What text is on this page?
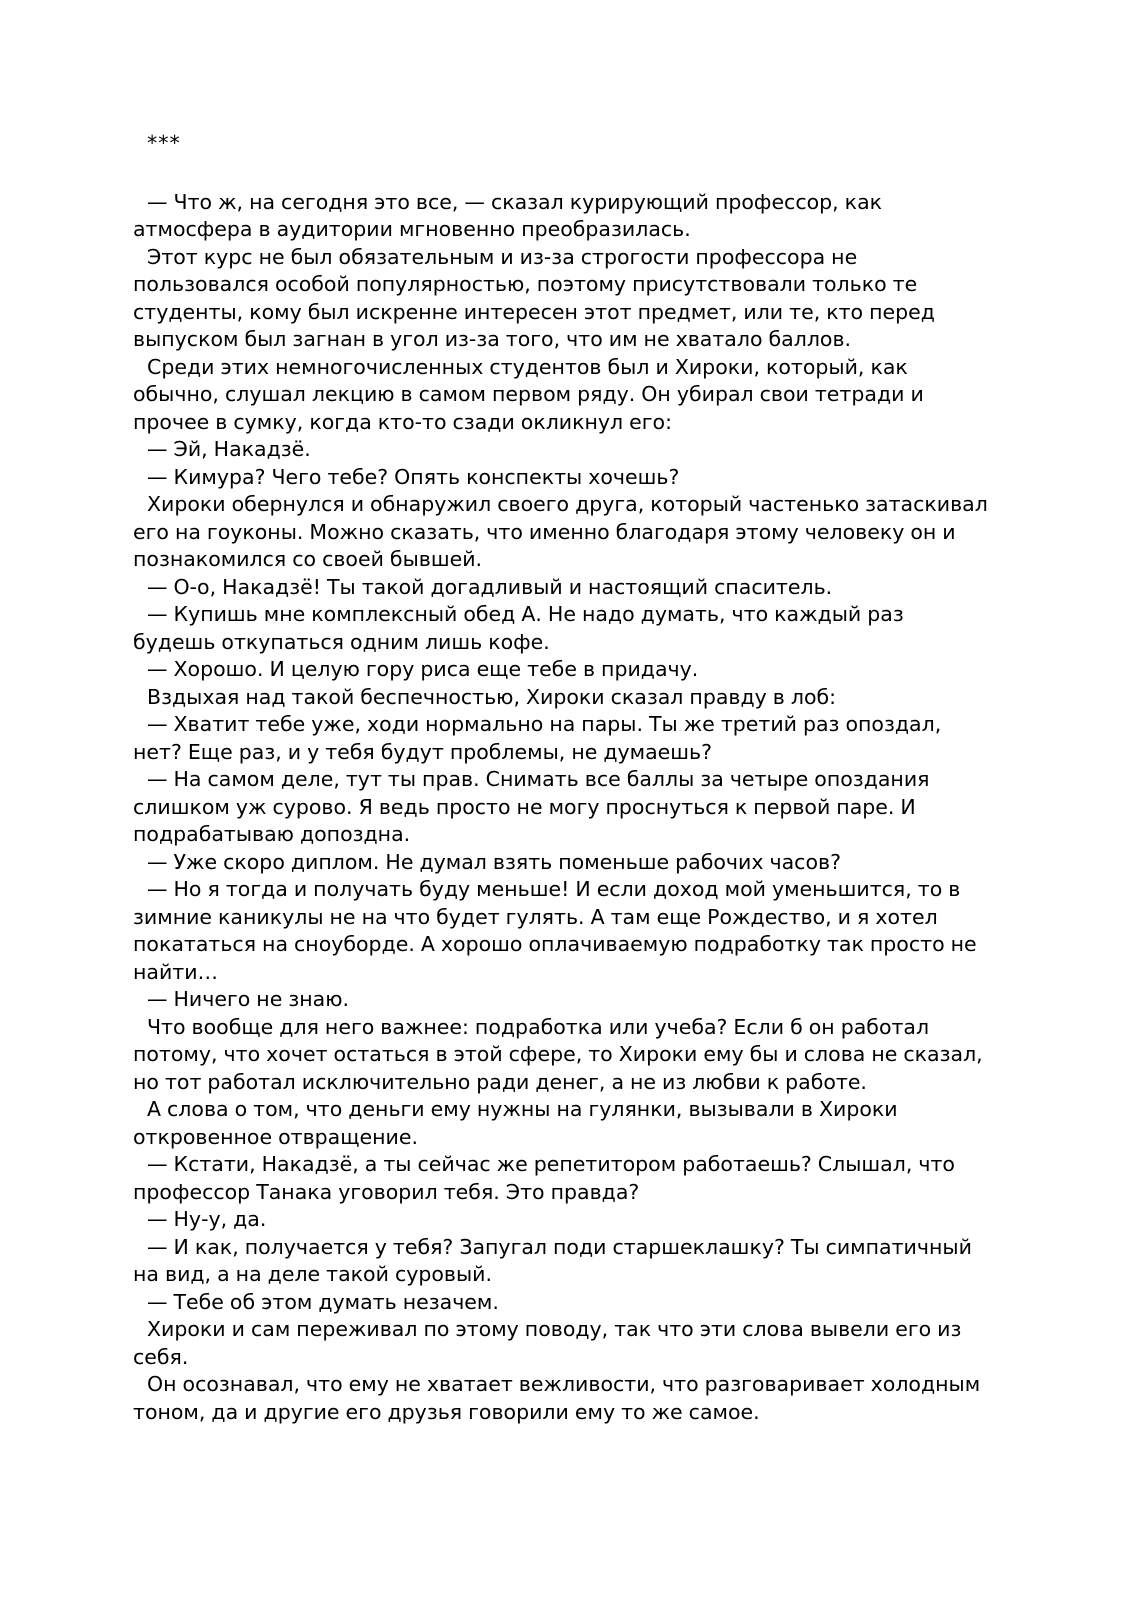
***

— Что ж, на сегодня это все, — сказал курирующий профессор, как атмосфера в аудитории мгновенно преобразилась.

Этот курс не был обязательным и из-за строгости профессора не пользовался особой популярностью, поэтому присутствовали только те студенты, кому был искренне интересен этот предмет, или те, кто перед выпуском был загнан в угол из-за того, что им не хватало баллов.

Среди этих немногочисленных студентов был и Хироки, который, как обычно, слушал лекцию в самом первом ряду. Он убирал свои тетради и прочее в сумку, когда кто-то сзади окликнул его:

— Эй, Накадзё.

— Кимура? Чего тебе? Опять конспекты хочешь?

Хироки обернулся и обнаружил своего друга, который частенько затаскивал его на гоуконы. Можно сказать, что именно благодаря этому человеку он и познакомился со своей бывшей.

— О-о, Накадзё! Ты такой догадливый и настоящий спаситель.

— Купишь мне комплексный обед А. Не надо думать, что каждый раз будешь откупаться одним лишь кофе.

— Хорошо. И целую гору риса еще тебе в придачу.

Вздыхая над такой беспечностью, Хироки сказал правду в лоб:

— Хватит тебе уже, ходи нормально на пары. Ты же третий раз опоздал, нет? Еще раз, и у тебя будут проблемы, не думаешь?

— На самом деле, тут ты прав. Снимать все баллы за четыре опоздания слишком уж сурово. Я ведь просто не могу проснуться к первой паре. И подрабатываю допоздна.

— Уже скоро диплом. Не думал взять поменьше рабочих часов?

— Но я тогда и получать буду меньше! И если доход мой уменьшится, то в зимние каникулы не на что будет гулять. А там еще Рождество, и я хотел покататься на сноуборде. А хорошо оплачиваемую подработку так просто не найти…

— Ничего не знаю.

Что вообще для него важнее: подработка или учеба? Если б он работал потому, что хочет остаться в этой сфере, то Хироки ему бы и слова не сказал, но тот работал исключительно ради денег, а не из любви к работе.

А слова о том, что деньги ему нужны на гулянки, вызывали в Хироки откровенное отвращение.

— Кстати, Накадзё, а ты сейчас же репетитором работаешь? Слышал, что профессор Танака уговорил тебя. Это правда?

— Ну-у, да.

— И как, получается у тебя? Запугал поди старшеклашку? Ты симпатичный на вид, а на деле такой суровый.

— Тебе об этом думать незачем.

Хироки и сам переживал по этому поводу, так что эти слова вывели его из себя.

Он осознавал, что ему не хватает вежливости, что разговаривает холодным тоном, да и другие его друзья говорили ему то же самое.
